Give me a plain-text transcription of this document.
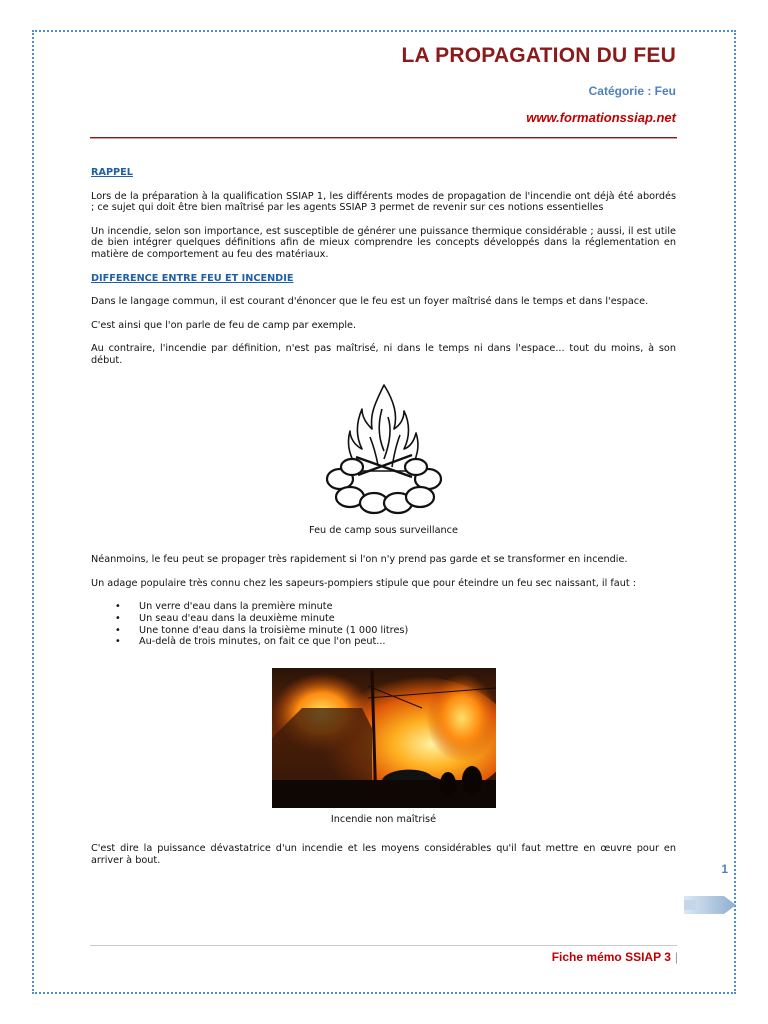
LA PROPAGATION DU FEU
Catégorie : Feu
www.formationssiap.net
RAPPEL

Lors de la préparation à la qualification SSIAP 1, les différents modes de propagation de l'incendie ont déjà été abordés ; ce sujet qui doit être bien maîtrisé par les agents SSIAP 3 permet de revenir sur ces notions essentielles

Un incendie, selon son importance, est susceptible de générer une puissance thermique considérable ; aussi, il est utile de bien intégrer quelques définitions afin de mieux comprendre les concepts développés dans la réglementation en matière de comportement au feu des matériaux.

DIFFERENCE ENTRE FEU ET INCENDIE

Dans le langage commun, il est courant d'énoncer que le feu est un foyer maîtrisé dans le temps et dans l'espace.

C'est ainsi que l'on parle de feu de camp par exemple.

Au contraire, l'incendie par définition, n'est pas maîtrisé, ni dans le temps ni dans l'espace... tout du moins, à son début.

Feu de camp sous surveillance

Néanmoins, le feu peut se propager très rapidement si l'on n'y prend pas garde et se transformer en incendie.

Un adage populaire très connu chez les sapeurs-pompiers stipule que pour éteindre un feu sec naissant, il faut :

• Un verre d'eau dans la première minute
• Un seau d'eau dans la deuxième minute
• Une tonne d'eau dans la troisième minute (1 000 litres)
• Au-delà de trois minutes, on fait ce que l'on peut...
Incendie non maîtrisé

C'est dire la puissance dévastatrice d'un incendie et les moyens considérables qu'il faut mettre en œuvre pour en arriver à bout.

1
Fiche mémo SSIAP 3 |
